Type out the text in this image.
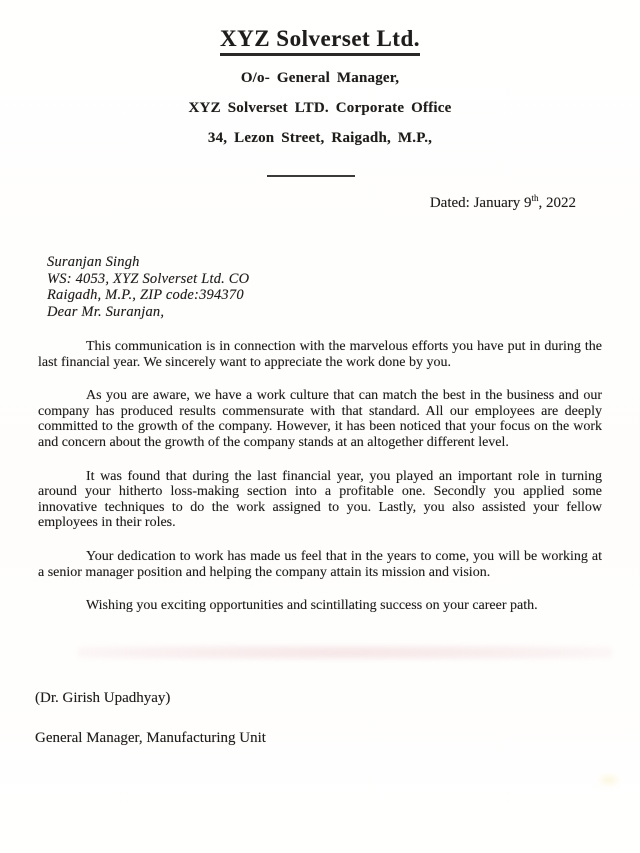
XYZ Solverset Ltd.
O/o- General Manager,
XYZ Solverset LTD. Corporate Office
34, Lezon Street, Raigadh, M.P.,
Dated: January 9th, 2022
Suranjan Singh
WS: 4053, XYZ Solverset Ltd. CO
Raigadh, M.P., ZIP code:394370
Dear Mr. Suranjan,

This communication is in connection with the marvelous efforts you have put in during the last financial year. We sincerely want to appreciate the work done by you.

As you are aware, we have a work culture that can match the best in the business and our company has produced results commensurate with that standard. All our employees are deeply committed to the growth of the company. However, it has been noticed that your focus on the work and concern about the growth of the company stands at an altogether different level.

It was found that during the last financial year, you played an important role in turning around your hitherto loss-making section into a profitable one. Secondly you applied some innovative techniques to do the work assigned to you. Lastly, you also assisted your fellow employees in their roles.

Your dedication to work has made us feel that in the years to come, you will be working at a senior manager position and helping the company attain its mission and vision.

Wishing you exciting opportunities and scintillating success on your career path.

(Dr. Girish Upadhyay)
General Manager, Manufacturing Unit
